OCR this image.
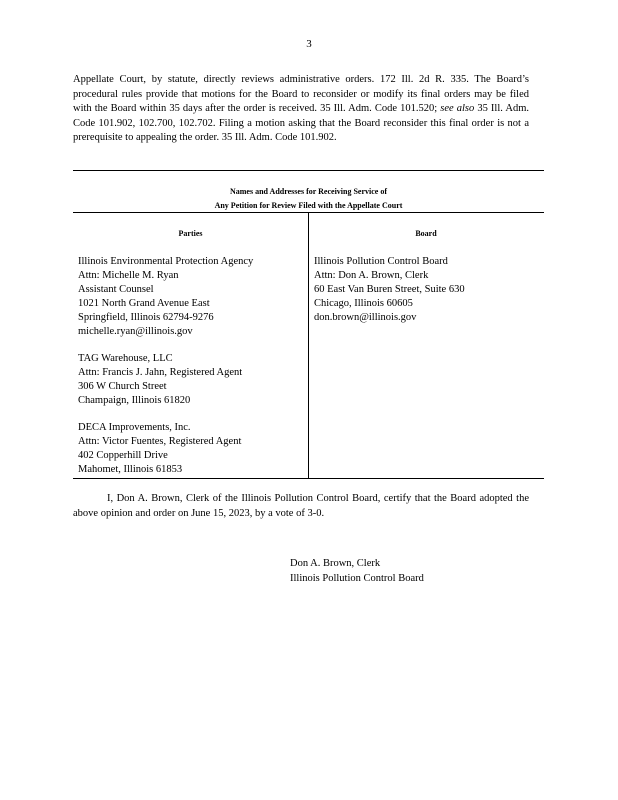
3
Appellate Court, by statute, directly reviews administrative orders. 172 Ill. 2d R. 335. The Board’s procedural rules provide that motions for the Board to reconsider or modify its final orders may be filed with the Board within 35 days after the order is received. 35 Ill. Adm. Code 101.520; see also 35 Ill. Adm. Code 101.902, 102.700, 102.702. Filing a motion asking that the Board reconsider this final order is not a prerequisite to appealing the order. 35 Ill. Adm. Code 101.902.
Names and Addresses for Receiving Service of
Any Petition for Review Filed with the Appellate Court
Parties	Board
Illinois Environmental Protection Agency
Attn: Michelle M. Ryan
Assistant Counsel
1021 North Grand Avenue East
Springfield, Illinois 62794-9276
michelle.ryan@illinois.gov
TAG Warehouse, LLC
Attn: Francis J. Jahn, Registered Agent
306 W Church Street
Champaign, Illinois 61820
DECA Improvements, Inc.
Attn: Victor Fuentes, Registered Agent
402 Copperhill Drive
Mahomet, Illinois 61853
Illinois Pollution Control Board
Attn: Don A. Brown, Clerk
60 East Van Buren Street, Suite 630
Chicago, Illinois 60605
don.brown@illinois.gov
I, Don A. Brown, Clerk of the Illinois Pollution Control Board, certify that the Board adopted the above opinion and order on June 15, 2023, by a vote of 3-0.
Don A. Brown, Clerk
Illinois Pollution Control Board
